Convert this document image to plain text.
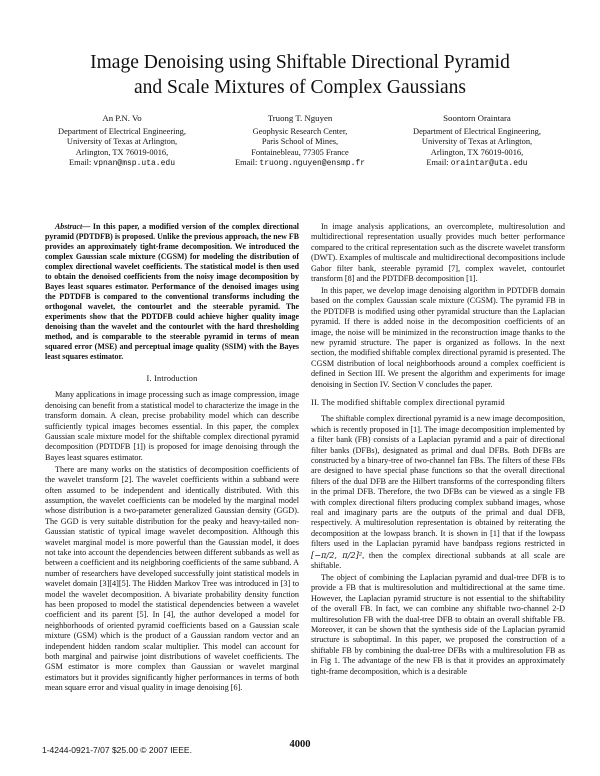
Image Denoising using Shiftable Directional Pyramid
and Scale Mixtures of Complex Gaussians
An P.N. Vo
Department of Electrical Engineering,
University of Texas at Arlington,
Arlington, TX 76019-0016,
Email: vpnan@msp.uta.edu
Truong T. Nguyen
Geophysic Research Center,
Paris School of Mines,
Fontainebleau, 77305 France
Email: truong.nguyen@ensmp.fr
Soontorn Oraintara
Department of Electrical Engineering,
University of Texas at Arlington,
Arlington, TX 76019-0016,
Email: oraintar@uta.edu

Abstract— In this paper, a modified version of the complex directional pyramid (PDTDFB) is proposed. Unlike the previous approach, the new FB provides an approximately tight-frame decomposition. We introduced the complex Gaussian scale mixture (CGSM) for modeling the distribution of complex directional wavelet coefficients. The statistical model is then used to obtain the denoised coefficients from the noisy image decomposition by Bayes least squares estimator. Performance of the denoised images using the PDTDFB is compared to the conventional transforms including the orthogonal wavelet, the contourlet and the steerable pyramid. The experiments show that the PDTDFB could achieve higher quality image denoising than the wavelet and the contourlet with the hard thresholding method, and is comparable to the steerable pyramid in terms of mean squared error (MSE) and perceptual image quality (SSIM) with the Bayes least squares estimator.

I. Introduction

Many applications in image processing such as image compression, image denoising can benefit from a statistical model to characterize the image in the transform domain. A clean, precise probability model which can describe sufficiently typical images becomes essential. In this paper, the complex Gaussian scale mixture model for the shiftable complex directional pyramid decomposition (PDTDFB [1]) is proposed for image denoising through the Bayes least squares estimator.

There are many works on the statistics of decomposition coefficients of the wavelet transform [2]. The wavelet coefficients within a subband were often assumed to be independent and identically distributed. With this assumption, the wavelet coefficients can be modeled by the marginal model whose distribution is a two-parameter generalized Gaussian density (GGD). The GGD is very suitable distribution for the peaky and heavy-tailed non-Gaussian statistic of typical image wavelet decomposition. Although this wavelet marginal model is more powerful than the Gaussian model, it does not take into account the dependencies between different subbands as well as between a coefficient and its neighboring coefficients of the same subband. A number of researchers have developed successfully joint statistical models in wavelet domain [3][4][5]. The Hidden Markov Tree was introduced in [3] to model the wavelet decomposition. A bivariate probability density function has been proposed to model the statistical dependencies between a wavelet coefficient and its parent [5]. In [4], the author developed a model for neighborhoods of oriented pyramid coefficients based on a Gaussian scale mixture (GSM) which is the product of a Gaussian random vector and an independent hidden random scalar multiplier. This model can account for both marginal and pairwise joint distributions of wavelet coefficients. The GSM estimator is more complex than Gaussian or wavelet marginal estimators but it provides significantly higher performances in terms of both mean square error and visual quality in image denoising [6].

In image analysis applications, an overcomplete, multiresolution and multidirectional representation usually provides much better performance compared to the critical representation such as the discrete wavelet transform (DWT). Examples of multiscale and multidirectional decompositions include Gabor filter bank, steerable pyramid [7], complex wavelet, contourlet transform [8] and the PDTDFB decomposition [1].

In this paper, we develop image denoising algorithm in PDTDFB domain based on the complex Gaussian scale mixture (CGSM). The pyramid FB in the PDTDFB is modified using other pyramidal structure than the Laplacian pyramid. If there is added noise in the decomposition coefficients of an image, the noise will be minimized in the reconstruction image thanks to the new pyramid structure. The paper is organized as follows. In the next section, the modified shiftable complex directional pyramid is presented. The CGSM distribution of local neighborhoods around a complex coefficient is defined in Section III. We present the algorithm and experiments for image denoising in Section IV. Section V concludes the paper.

II. The modified shiftable complex directional pyramid

The shiftable complex directional pyramid is a new image decomposition, which is recently proposed in [1]. The image decomposition implemented by a filter bank (FB) consists of a Laplacian pyramid and a pair of directional filter banks (DFBs), designated as primal and dual DFBs. Both DFBs are constructed by a binary-tree of two-channel fan FBs. The filters of these FBs are designed to have special phase functions so that the overall directional filters of the dual DFB are the Hilbert transforms of the corresponding filters in the primal DFB. Therefore, the two DFBs can be viewed as a single FB with complex directional filters producing complex subband images, whose real and imaginary parts are the outputs of the primal and dual DFB, respectively. A multiresolution representation is obtained by reiterating the decomposition at the lowpass branch. It is shown in [1] that if the lowpass filters used in the Laplacian pyramid have bandpass regions restricted in [−π/2, π/2]², then the complex directional subbands at all scale are shiftable.

The object of combining the Laplacian pyramid and dual-tree DFB is to provide a FB that is multiresolution and multidirectional at the same time. However, the Laplacian pyramid structure is not essential to the shiftability of the overall FB. In fact, we can combine any shiftable two-channel 2-D multiresolution FB with the dual-tree DFB to obtain an overall shiftable FB. Moreover, it can be shown that the synthesis side of the Laplacian pyramid structure is suboptimal. In this paper, we proposed the construction of a shiftable FB by combining the dual-tree DFBs with a multiresolution FB as in Fig 1. The advantage of the new FB is that it provides an approximately tight-frame decomposition, which is a desirable

1-4244-0921-7/07 $25.00 © 2007 IEEE.	4000
